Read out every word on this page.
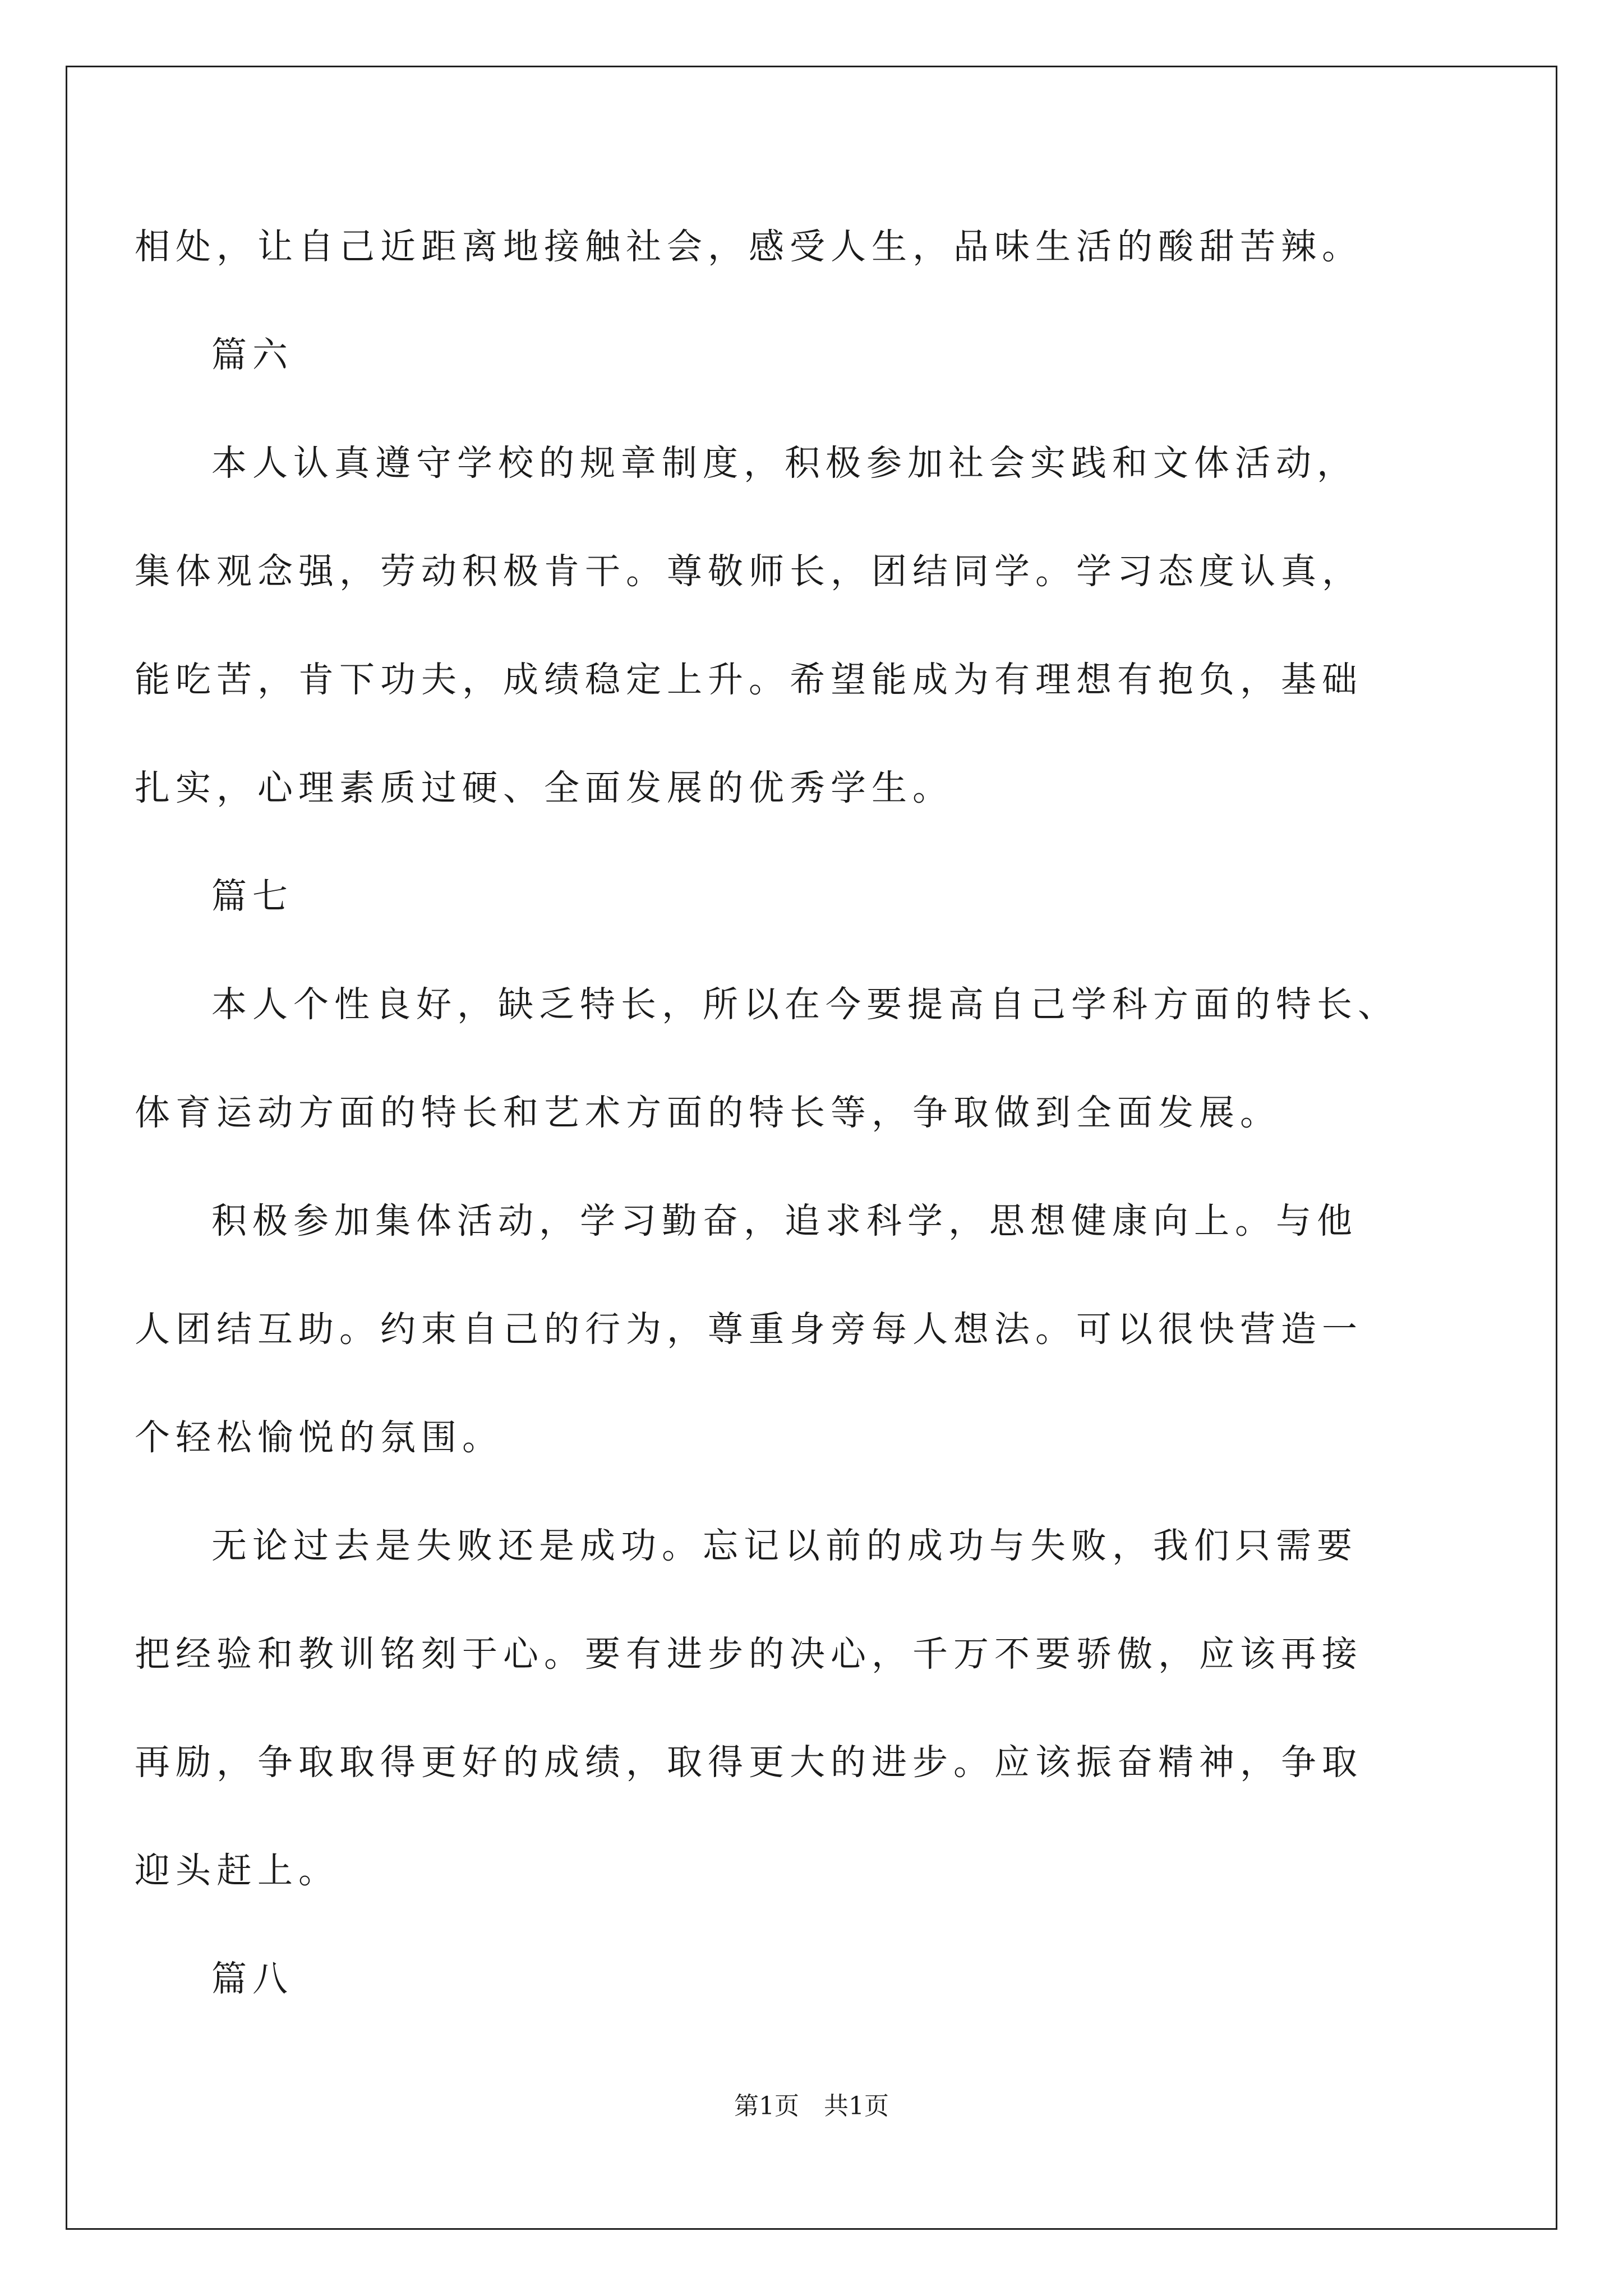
相处，让自己近距离地接触社会，感受人生，品味生活的酸甜苦辣。

篇六

本人认真遵守学校的规章制度，积极参加社会实践和文体活动，

集体观念强，劳动积极肯干。尊敬师长，团结同学。学习态度认真，

能吃苦，肯下功夫，成绩稳定上升。希望能成为有理想有抱负，基础

扎实，心理素质过硬、全面发展的优秀学生。

篇七

本人个性良好，缺乏特长，所以在今要提高自己学科方面的特长、

体育运动方面的特长和艺术方面的特长等，争取做到全面发展。

积极参加集体活动，学习勤奋，追求科学，思想健康向上。与他

人团结互助。约束自己的行为，尊重身旁每人想法。可以很快营造一

个轻松愉悦的氛围。

无论过去是失败还是成功。忘记以前的成功与失败，我们只需要

把经验和教训铭刻于心。要有进步的决心，千万不要骄傲，应该再接

再励，争取取得更好的成绩，取得更大的进步。应该振奋精神，争取

迎头赶上。

篇八

第1页　共1页
